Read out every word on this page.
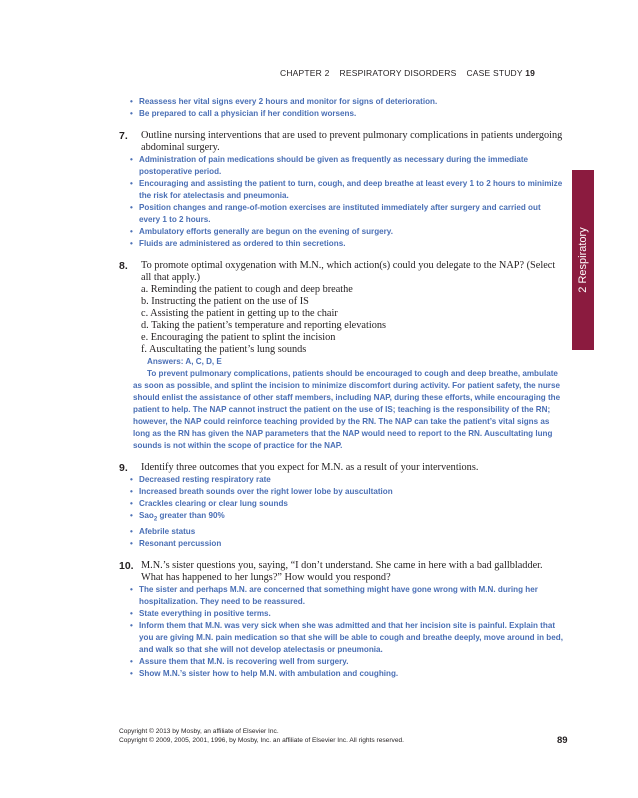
CHAPTER 2 RESPIRATORY DISORDERS CASE STUDY 19
2 Respiratory
• Reassess her vital signs every 2 hours and monitor for signs of deterioration.
• Be prepared to call a physician if her condition worsens.
7. Outline nursing interventions that are used to prevent pulmonary complications in patients undergoing abdominal surgery.
• Administration of pain medications should be given as frequently as necessary during the immediate postoperative period.
• Encouraging and assisting the patient to turn, cough, and deep breathe at least every 1 to 2 hours to minimize the risk for atelectasis and pneumonia.
• Position changes and range-of-motion exercises are instituted immediately after surgery and carried out every 1 to 2 hours.
• Ambulatory efforts generally are begun on the evening of surgery.
• Fluids are administered as ordered to thin secretions.
8. To promote optimal oxygenation with M.N., which action(s) could you delegate to the NAP? (Select all that apply.)
a. Reminding the patient to cough and deep breathe
b. Instructing the patient on the use of IS
c. Assisting the patient in getting up to the chair
d. Taking the patient’s temperature and reporting elevations
e. Encouraging the patient to splint the incision
f. Auscultating the patient’s lung sounds

Answers: A, C, D, E

To prevent pulmonary complications, patients should be encouraged to cough and deep breathe, ambulate as soon as possible, and splint the incision to minimize discomfort during activity. For patient safety, the nurse should enlist the assistance of other staff members, including NAP, during these efforts, while encouraging the patient to help. The NAP cannot instruct the patient on the use of IS; teaching is the responsibility of the RN; however, the NAP could reinforce teaching provided by the RN. The NAP can take the patient’s vital signs as long as the RN has given the NAP parameters that the NAP would need to report to the RN. Auscultating lung sounds is not within the scope of practice for the NAP.

9. Identify three outcomes that you expect for M.N. as a result of your interventions.
• Decreased resting respiratory rate
• Increased breath sounds over the right lower lobe by auscultation
• Crackles clearing or clear lung sounds
• Sao$_2$ greater than 90%
• Afebrile status
• Resonant percussion
10. M.N.’s sister questions you, saying, “I don’t understand. She came in here with a bad gallbladder. What has happened to her lungs?” How would you respond?
• The sister and perhaps M.N. are concerned that something might have gone wrong with M.N. during her hospitalization. They need to be reassured.
• State everything in positive terms.
• Inform them that M.N. was very sick when she was admitted and that her incision site is painful. Explain that you are giving M.N. pain medication so that she will be able to cough and breathe deeply, move around in bed, and walk so that she will not develop atelectasis or pneumonia.
• Assure them that M.N. is recovering well from surgery.
• Show M.N.’s sister how to help M.N. with ambulation and coughing.
Copyright © 2013 by Mosby, an affiliate of Elsevier Inc.
Copyright © 2009, 2005, 2001, 1996, by Mosby, Inc. an affiliate of Elsevier Inc. All rights reserved.	89
